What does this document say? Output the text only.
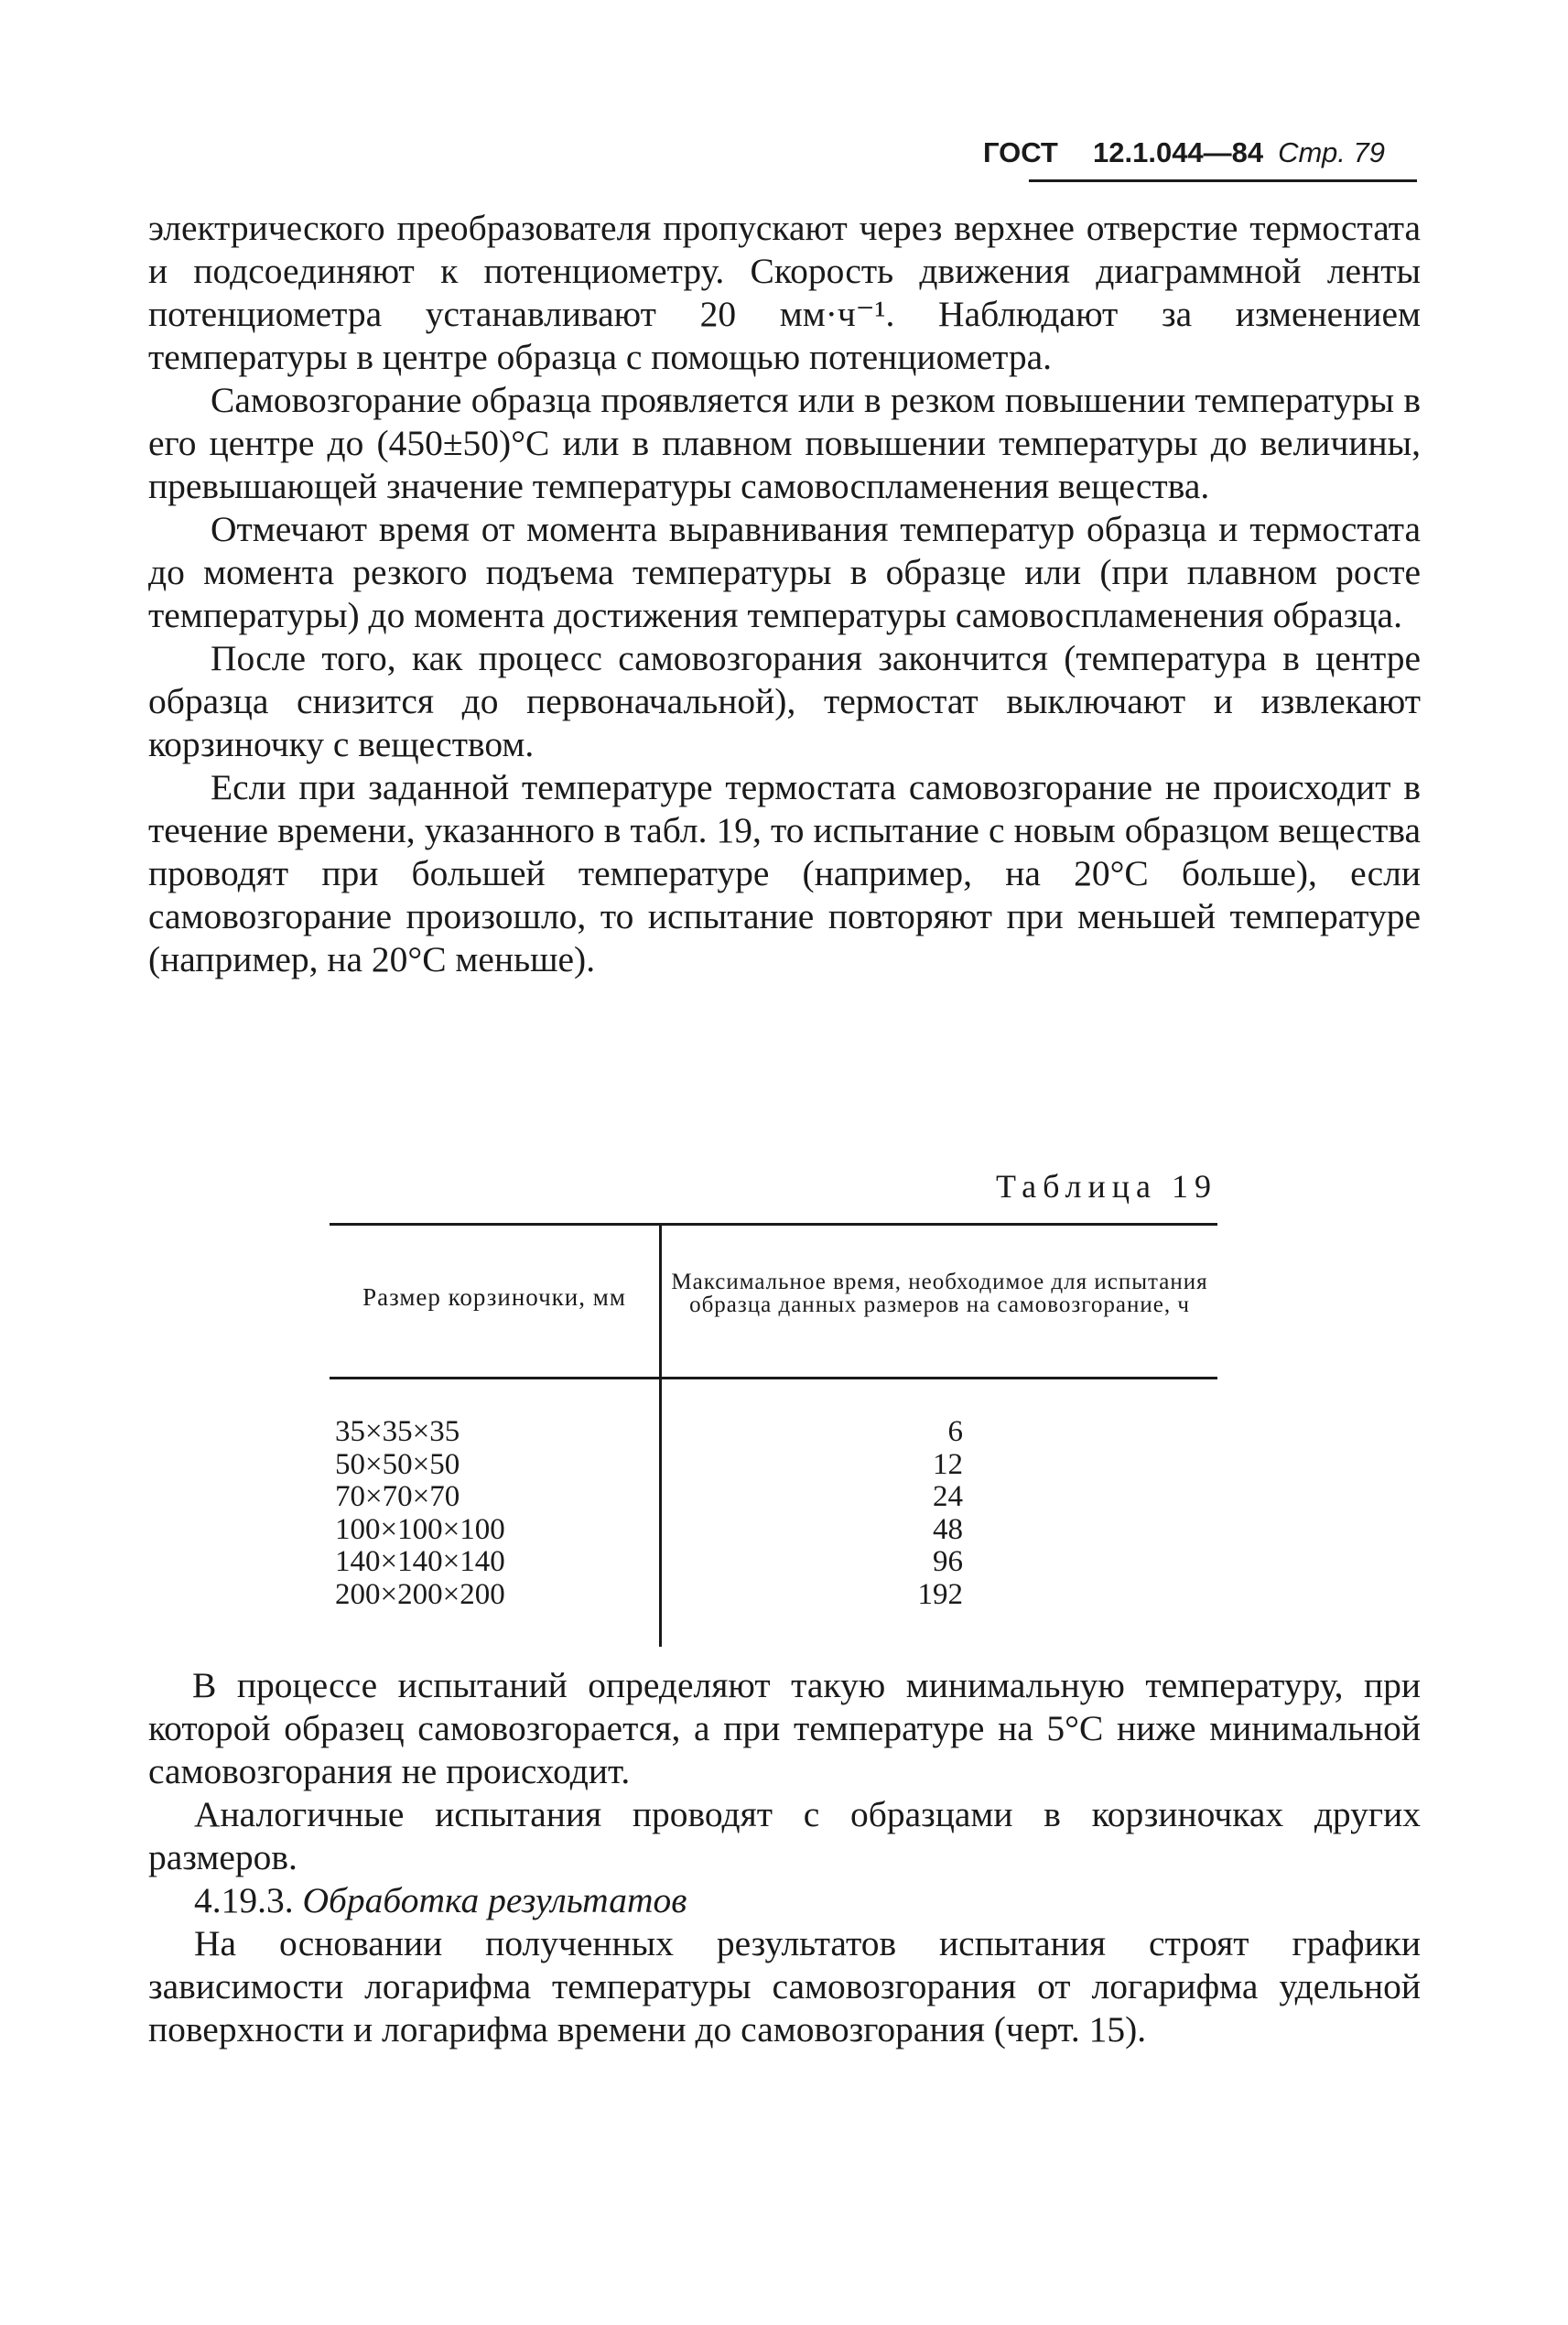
ГОСТ 12.1.044—84 Стр. 79

электрического преобразователя пропускают через верхнее отверстие термостата и подсоединяют к потенциометру. Скорость движения диаграммной ленты потенциометра устанавливают 20 мм·ч⁻¹. Наблюдают за изменением температуры в центре образца с помощью потенциометра.

Самовозгорание образца проявляется или в резком повышении температуры в его центре до (450±50)°С или в плавном повышении температуры до величины, превышающей значение температуры самовоспламенения вещества.

Отмечают время от момента выравнивания температур образца и термостата до момента резкого подъема температуры в образце или (при плавном росте температуры) до момента достижения температуры самовоспламенения образца.

После того, как процесс самовозгорания закончится (температура в центре образца снизится до первоначальной), термостат выключают и извлекают корзиночку с веществом.

Если при заданной температуре термостата самовозгорание не происходит в течение времени, указанного в табл. 19, то испытание с новым образцом вещества проводят при большей температуре (например, на 20°С больше), если самовозгорание произошло, то испытание повторяют при меньшей температуре (например, на 20°С меньше).

Таблица 19
Размер корзиночки, мм
Максимальное время, необходимое для испытания образца данных размеров на самовозгорание, ч
35×35×35
50×50×50
70×70×70
100×100×100
140×140×140
200×200×200
6
12
24
48
96
192

В процессе испытаний определяют такую минимальную температуру, при которой образец самовозгорается, а при температуре на 5°С ниже минимальной самовозгорания не происходит.

Аналогичные испытания проводят с образцами в корзиночках других размеров.

4.19.3. Обработка результатов

На основании полученных результатов испытания строят графики зависимости логарифма температуры самовозгорания от логарифма удельной поверхности и логарифма времени до самовозгорания (черт. 15).
